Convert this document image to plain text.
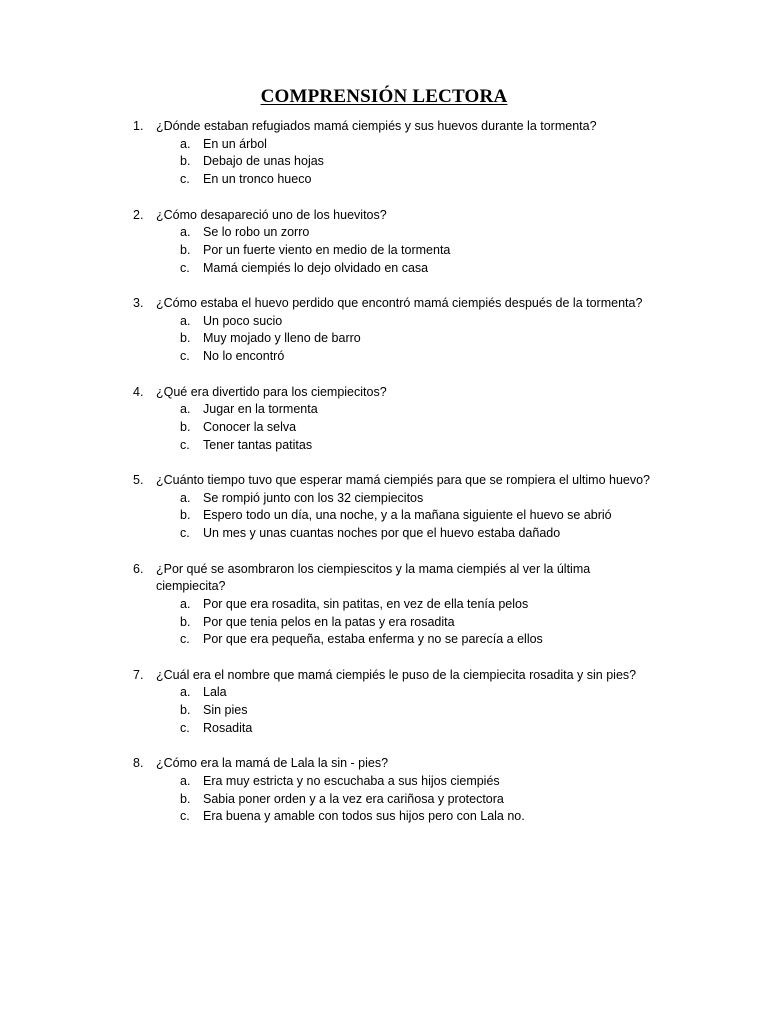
COMPRENSIÓN LECTORA
1. ¿Dónde estaban refugiados mamá ciempiés y sus huevos durante la tormenta?
a. En un árbol
b. Debajo de unas hojas
c. En un tronco hueco
2. ¿Cómo desapareció uno de los huevitos?
a. Se lo robo un zorro
b. Por un fuerte viento en medio de la tormenta
c. Mamá ciempiés lo dejo olvidado en casa
3. ¿Cómo estaba el huevo perdido que encontró mamá ciempiés después de la tormenta?
a. Un poco sucio
b. Muy mojado y lleno de barro
c. No lo encontró
4. ¿Qué era divertido para los ciempiecitos?
a. Jugar en la tormenta
b. Conocer la selva
c. Tener tantas patitas
5. ¿Cuánto tiempo tuvo que esperar mamá ciempiés para que se rompiera el ultimo huevo?
a. Se rompió junto con los 32 ciempiecitos
b. Espero todo un día, una noche, y a la mañana siguiente el huevo se abrió
c. Un mes y unas cuantas noches por que el huevo estaba dañado
6. ¿Por qué se asombraron los ciempiescitos y la mama ciempiés al ver la última ciempiecita?
a. Por que era rosadita, sin patitas, en vez de ella tenía pelos
b. Por que tenia pelos en la patas y era rosadita
c. Por que era pequeña, estaba enferma y no se parecía a ellos
7. ¿Cuál era el nombre que mamá ciempiés le puso de la ciempiecita rosadita y sin pies?
a. Lala
b. Sin pies
c. Rosadita
8. ¿Cómo era la mamá de Lala la sin - pies?
a. Era muy estricta y no escuchaba a sus hijos ciempiés
b. Sabia poner orden y a la vez era cariñosa y protectora
c. Era buena y amable con todos sus hijos pero con Lala no.
